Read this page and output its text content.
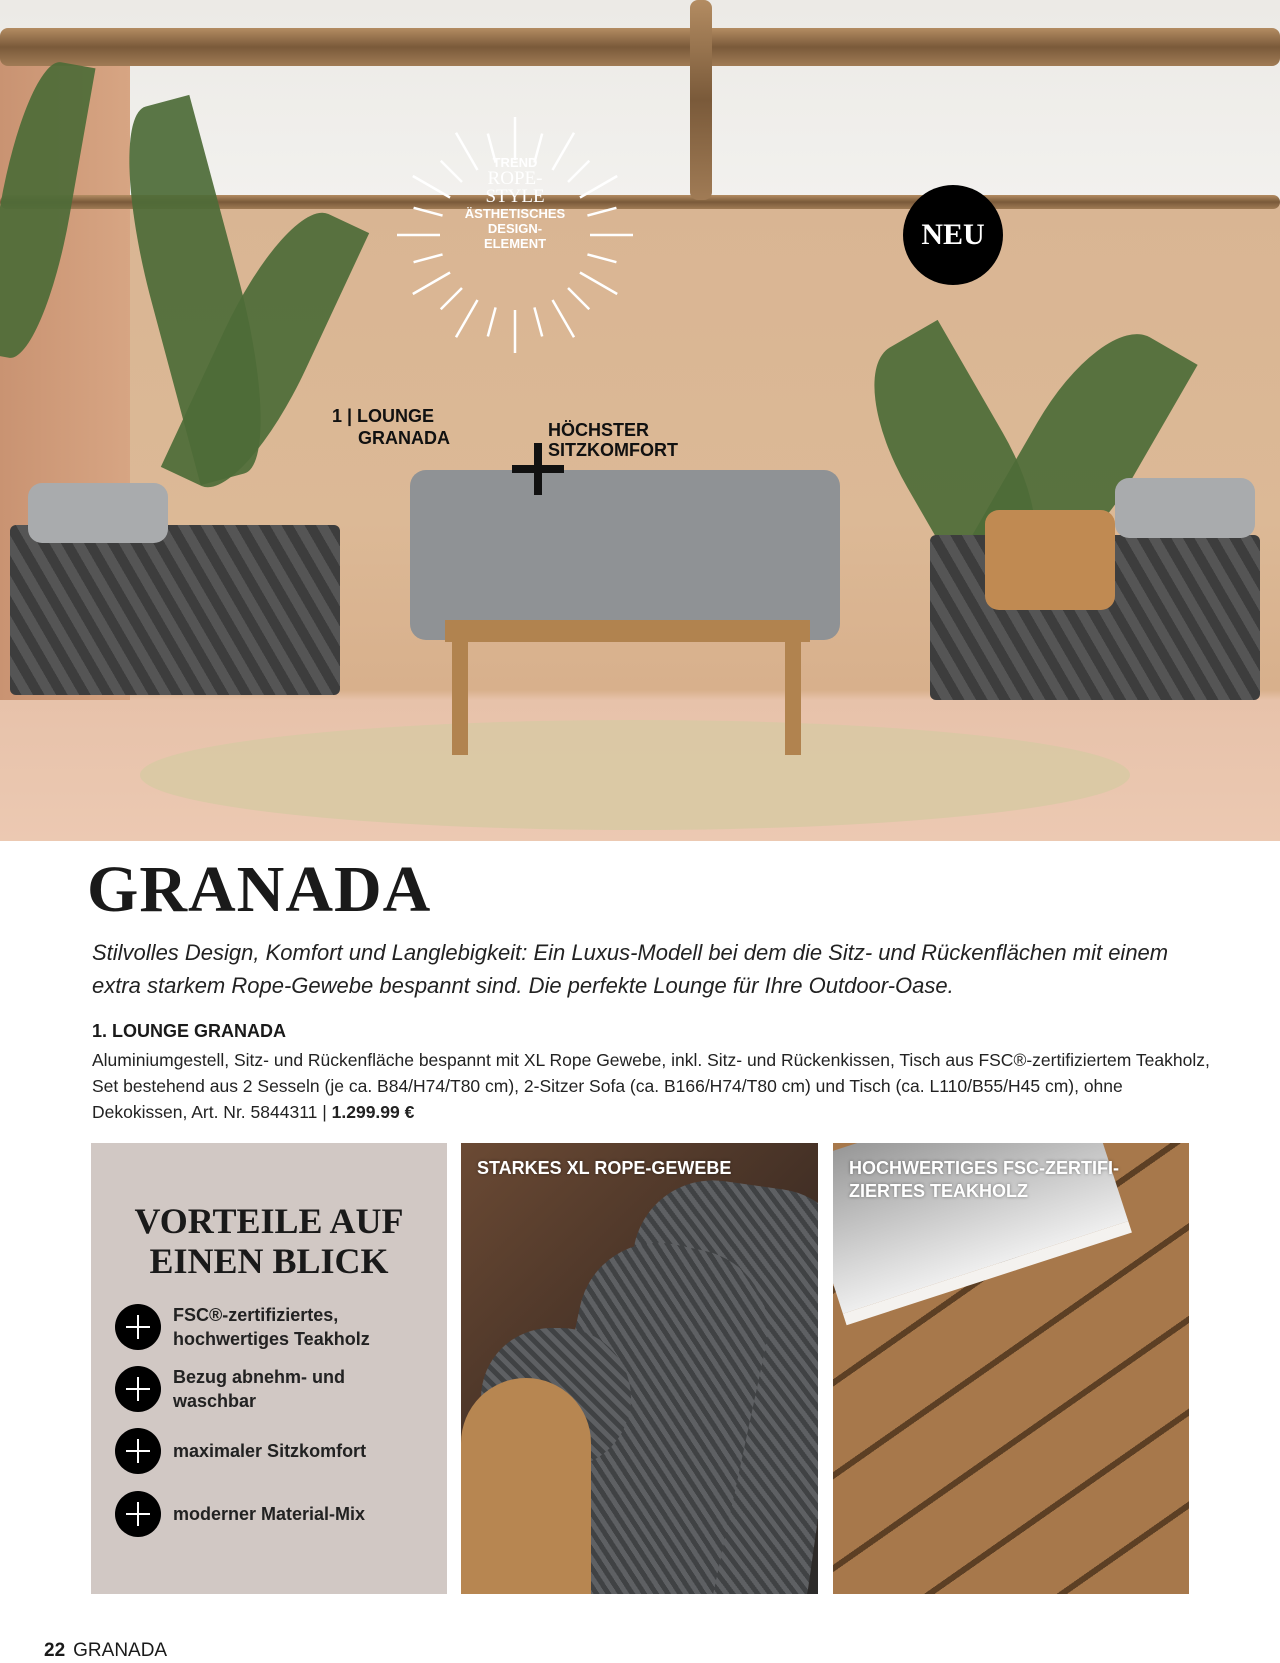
TREND
ROPE-
STYLE
ÄSTHETISCHES
DESIGN-
ELEMENT	NEU
1 | LOUNGE
GRANADA	HÖCHSTER
SITZKOMFORT
GRANADA

Stilvolles Design, Komfort und Langlebigkeit: Ein Luxus-Modell bei dem die Sitz- und Rückenflächen mit einem extra starkem Rope-Gewebe bespannt sind. Die perfekte Lounge für Ihre Outdoor-Oase.

1. LOUNGE GRANADA

Aluminiumgestell, Sitz- und Rückenfläche bespannt mit XL Rope Gewebe, inkl. Sitz- und Rückenkissen, Tisch aus FSC®-zertifiziertem Teakholz, Set bestehend aus 2 Sesseln (je ca. B84/H74/T80 cm), 2-Sitzer Sofa (ca. B166/H74/T80 cm) und Tisch (ca. L110/B55/H45 cm), ohne Dekokissen, Art. Nr. 5844311 | 1.299.99 €

VORTEILE AUF
EINEN BLICK
FSC®-zertifiziertes, hochwertiges Teakholz
Bezug abnehm- und waschbar
maximaler Sitzkomfort
moderner Material-Mix
STARKES XL ROPE-GEWEBE	HOCHWERTIGES FSC-ZERTIFI-
ZIERTES TEAKHOLZ
22 GRANADA
